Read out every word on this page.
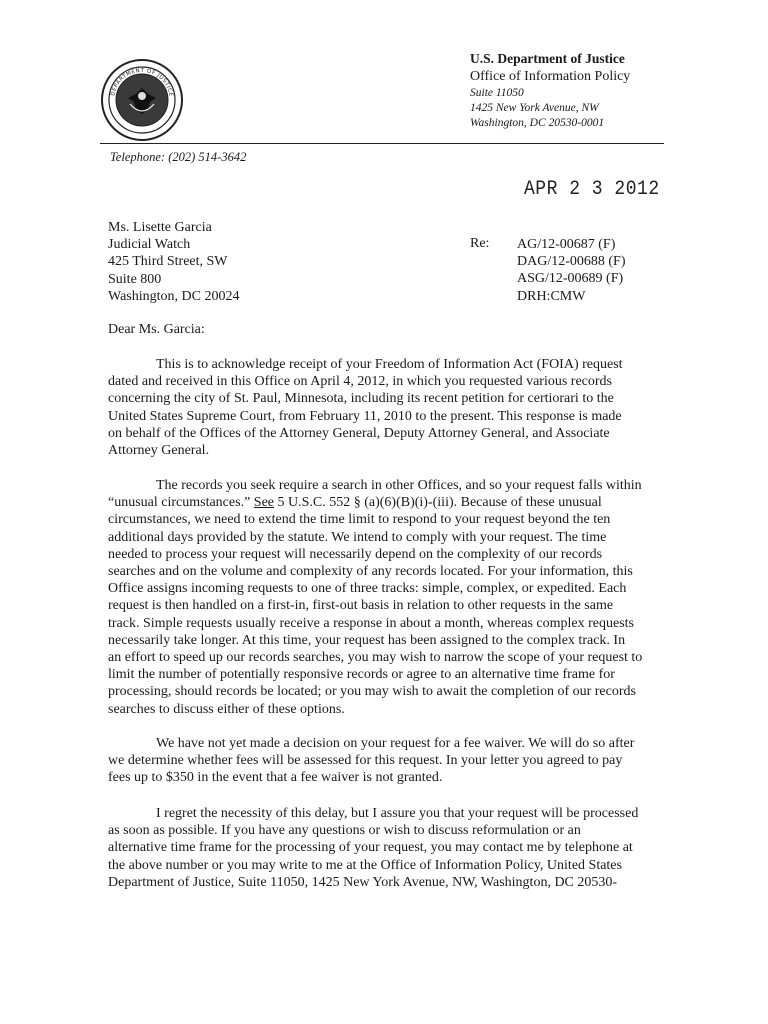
DEPARTMENT OF JUSTICE

U.S. Department of Justice

Office of Information Policy

Suite 11050

1425 New York Avenue, NW

Washington, DC 20530-0001

Telephone: (202) 514-3642
APR 2 3 2012
Ms. Lisette Garcia
Judicial Watch
425 Third Street, SW
Suite 800
Washington, DC 20024
Re: AG/12-00687 (F)
DAG/12-00688 (F)
ASG/12-00689 (F)
DRH:CMW
Dear Ms. Garcia:
This is to acknowledge receipt of your Freedom of Information Act (FOIA) request
dated and received in this Office on April 4, 2012, in which you requested various records
concerning the city of St. Paul, Minnesota, including its recent petition for certiorari to the
United States Supreme Court, from February 11, 2010 to the present. This response is made
on behalf of the Offices of the Attorney General, Deputy Attorney General, and Associate
Attorney General.
The records you seek require a search in other Offices, and so your request falls within
“unusual circumstances.” See 5 U.S.C. 552 § (a)(6)(B)(i)-(iii). Because of these unusual
circumstances, we need to extend the time limit to respond to your request beyond the ten
additional days provided by the statute. We intend to comply with your request. The time
needed to process your request will necessarily depend on the complexity of our records
searches and on the volume and complexity of any records located. For your information, this
Office assigns incoming requests to one of three tracks: simple, complex, or expedited. Each
request is then handled on a first-in, first-out basis in relation to other requests in the same
track. Simple requests usually receive a response in about a month, whereas complex requests
necessarily take longer. At this time, your request has been assigned to the complex track. In
an effort to speed up our records searches, you may wish to narrow the scope of your request to
limit the number of potentially responsive records or agree to an alternative time frame for
processing, should records be located; or you may wish to await the completion of our records
searches to discuss either of these options.
We have not yet made a decision on your request for a fee waiver. We will do so after
we determine whether fees will be assessed for this request. In your letter you agreed to pay
fees up to $350 in the event that a fee waiver is not granted.
I regret the necessity of this delay, but I assure you that your request will be processed
as soon as possible. If you have any questions or wish to discuss reformulation or an
alternative time frame for the processing of your request, you may contact me by telephone at
the above number or you may write to me at the Office of Information Policy, United States
Department of Justice, Suite 11050, 1425 New York Avenue, NW, Washington, DC 20530-
